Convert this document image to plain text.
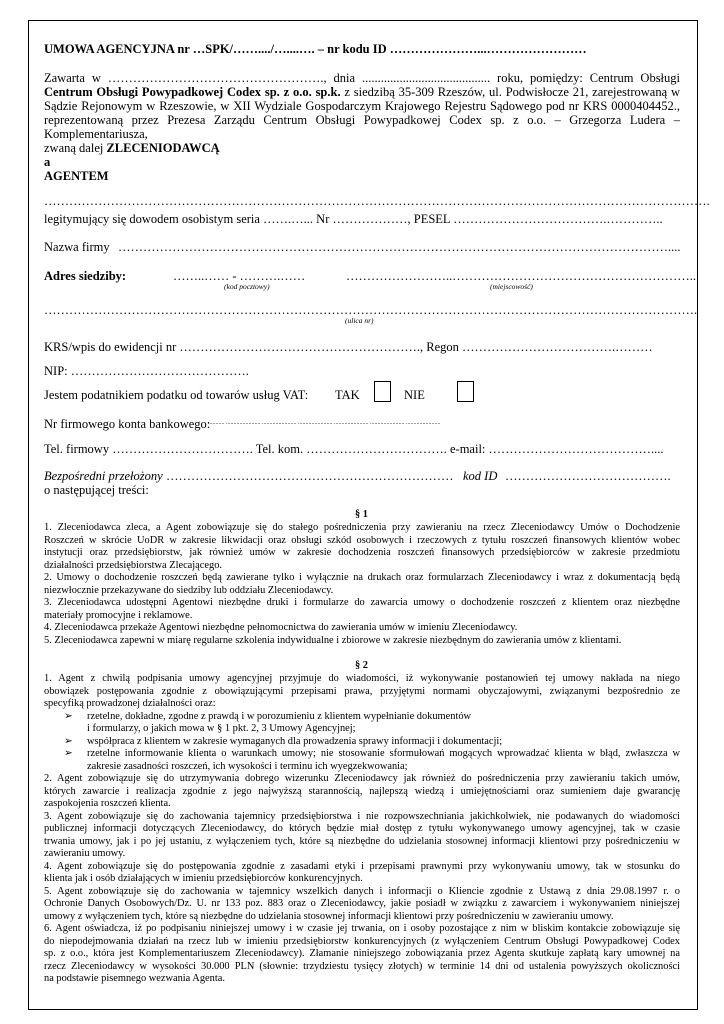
UMOWA AGENCYJNA nr …SPK/……..../…....…. – nr kodu ID …………………...……………………
Zawarta w ……………………………………………., dnia ......................................... roku, pomiędzy: Centrum Obsługi
Centrum Obsługi Powypadkowej Codex sp. z o.o. sp.k. z siedzibą 35-309 Rzeszów, ul. Podwisłocze 21, zarejestrowaną w
Sądzie Rejonowym w Rzeszowie, w XII Wydziale Gospodarczym Krajowego Rejestru Sądowego pod nr KRS 0000404452.,
reprezentowaną przez Prezesa Zarządu Centrum Obsługi Powypadkowej Codex sp. z o.o. – Grzegorza Ludera –
Komplementariusza,
zwaną dalej ZLECENIODAWCĄ
a
AGENTEM
…………………………………………………………………………………………………………………………………………….
legitymujący się dowodem osobistym seria …….…... Nr ………………, PESEL ……………………………….…………..
Nazwa firmy ……………………………………………………………………………………………………………………....
Adres siedziby:	……..…… - ……….……	……………………..…………………………………………………..
(kod pocztowy)	(miejscowość)
………………………………………………………………………………………………………………………………………….
(ulica nr)
KRS/wpis do ewidencji nr …………………………………………………., Regon ……………………………….………
NIP: …………………………………….
Jestem podatnikiem podatku od towarów usług VAT: TAK	NIE
Nr firmowego konta bankowego:
........... ....................... ....................... ....................... ....................... ....................... .......................
Tel. firmowy ……………………………. Tel. kom. ……………………………. e-mail: …………………………………....
Bezpośredni przełożony …………………………………………………………… kod ID ………………………………….
o następującej treści:
§ 1
1. Zleceniodawca zleca, a Agent zobowiązuje się do stałego pośredniczenia przy zawieraniu na rzecz Zleceniodawcy Umów o Dochodzenie
Roszczeń w skrócie UoDR w zakresie likwidacji oraz obsługi szkód osobowych i rzeczowych z tytułu roszczeń finansowych klientów wobec
instytucji oraz przedsiębiorstw, jak również umów w zakresie dochodzenia roszczeń finansowych przedsiębiorców w zakresie przedmiotu
działalności przedsiębiorstwa Zlecającego.
2. Umowy o dochodzenie roszczeń będą zawierane tylko i wyłącznie na drukach oraz formularzach Zleceniodawcy i wraz z dokumentacją będą
niezwłocznie przekazywane do siedziby lub oddziału Zleceniodawcy.
3. Zleceniodawca udostępni Agentowi niezbędne druki i formularze do zawarcia umowy o dochodzenie roszczeń z klientem oraz niezbędne
materiały promocyjne i reklamowe.
4. Zleceniodawca przekaże Agentowi niezbędne pełnomocnictwa do zawierania umów w imieniu Zleceniodawcy.
5. Zleceniodawca zapewni w miarę regularne szkolenia indywidualne i zbiorowe w zakresie niezbędnym do zawierania umów z klientami.
§ 2
1. Agent z chwilą podpisania umowy agencyjnej przyjmuje do wiadomości, iż wykonywanie postanowień tej umowy nakłada na niego
obowiązek postępowania zgodnie z obowiązującymi przepisami prawa, przyjętymi normami obyczajowymi, związanymi bezpośrednio ze
specyfiką prowadzonej działalności oraz:
➢ rzetelne, dokładne, zgodne z prawdą i w porozumieniu z klientem wypełnianie dokumentów
i formularzy, o jakich mowa w § 1 pkt. 2, 3 Umowy Agencyjnej;
➢ współpraca z klientem w zakresie wymaganych dla prowadzenia sprawy informacji i dokumentacji;
➢ rzetelne informowanie klienta o warunkach umowy; nie stosowanie sformułowań mogących wprowadzać klienta w błąd, zwłaszcza w
zakresie zasadności roszczeń, ich wysokości i terminu ich wyegzekwowania;
2. Agent zobowiązuje się do utrzymywania dobrego wizerunku Zleceniodawcy jak również do pośredniczenia przy zawieraniu takich umów,
których zawarcie i realizacja zgodnie z jego najwyższą starannością, najlepszą wiedzą i umiejętnościami oraz sumieniem daje gwarancję
zaspokojenia roszczeń klienta.
3. Agent zobowiązuje się do zachowania tajemnicy przedsiębiorstwa i nie rozpowszechniania jakichkolwiek, nie podawanych do wiadomości
publicznej informacji dotyczących Zleceniodawcy, do których będzie miał dostęp z tytułu wykonywanego umowy agencyjnej, tak w czasie
trwania umowy, jak i po jej ustaniu, z wyłączeniem tych, które są niezbędne do udzielania stosownej informacji klientowi przy pośredniczeniu w
zawieraniu umowy.
4. Agent zobowiązuje się do postępowania zgodnie z zasadami etyki i przepisami prawnymi przy wykonywaniu umowy, tak w stosunku do
klienta jak i osób działających w imieniu przedsiębiorców konkurencyjnych.
5. Agent zobowiązuje się do zachowania w tajemnicy wszelkich danych i informacji o Kliencie zgodnie z Ustawą z dnia 29.08.1997 r. o
Ochronie Danych Osobowych/Dz. U. nr 133 poz. 883 oraz o Zleceniodawcy, jakie posiadł w związku z zawarciem i wykonywaniem niniejszej
umowy z wyłączeniem tych, które są niezbędne do udzielania stosownej informacji klientowi przy pośredniczeniu w zawieraniu umowy.
6. Agent oświadcza, iż po podpisaniu niniejszej umowy i w czasie jej trwania, on i osoby pozostające z nim w bliskim kontakcie zobowiązuje się
do niepodejmowania działań na rzecz lub w imieniu przedsiębiorstw konkurencyjnych (z wyłączeniem Centrum Obsługi Powypadkowej Codex
sp. z o.o., która jest Komplementariuszem Zleceniodawcy). Złamanie niniejszego zobowiązania przez Agenta skutkuje zapłatą kary umownej na
rzecz Zleceniodawcy w wysokości 30.000 PLN (słownie: trzydziestu tysięcy złotych) w terminie 14 dni od ustalenia powyższych okoliczności
na podstawie pisemnego wezwania Agenta.
